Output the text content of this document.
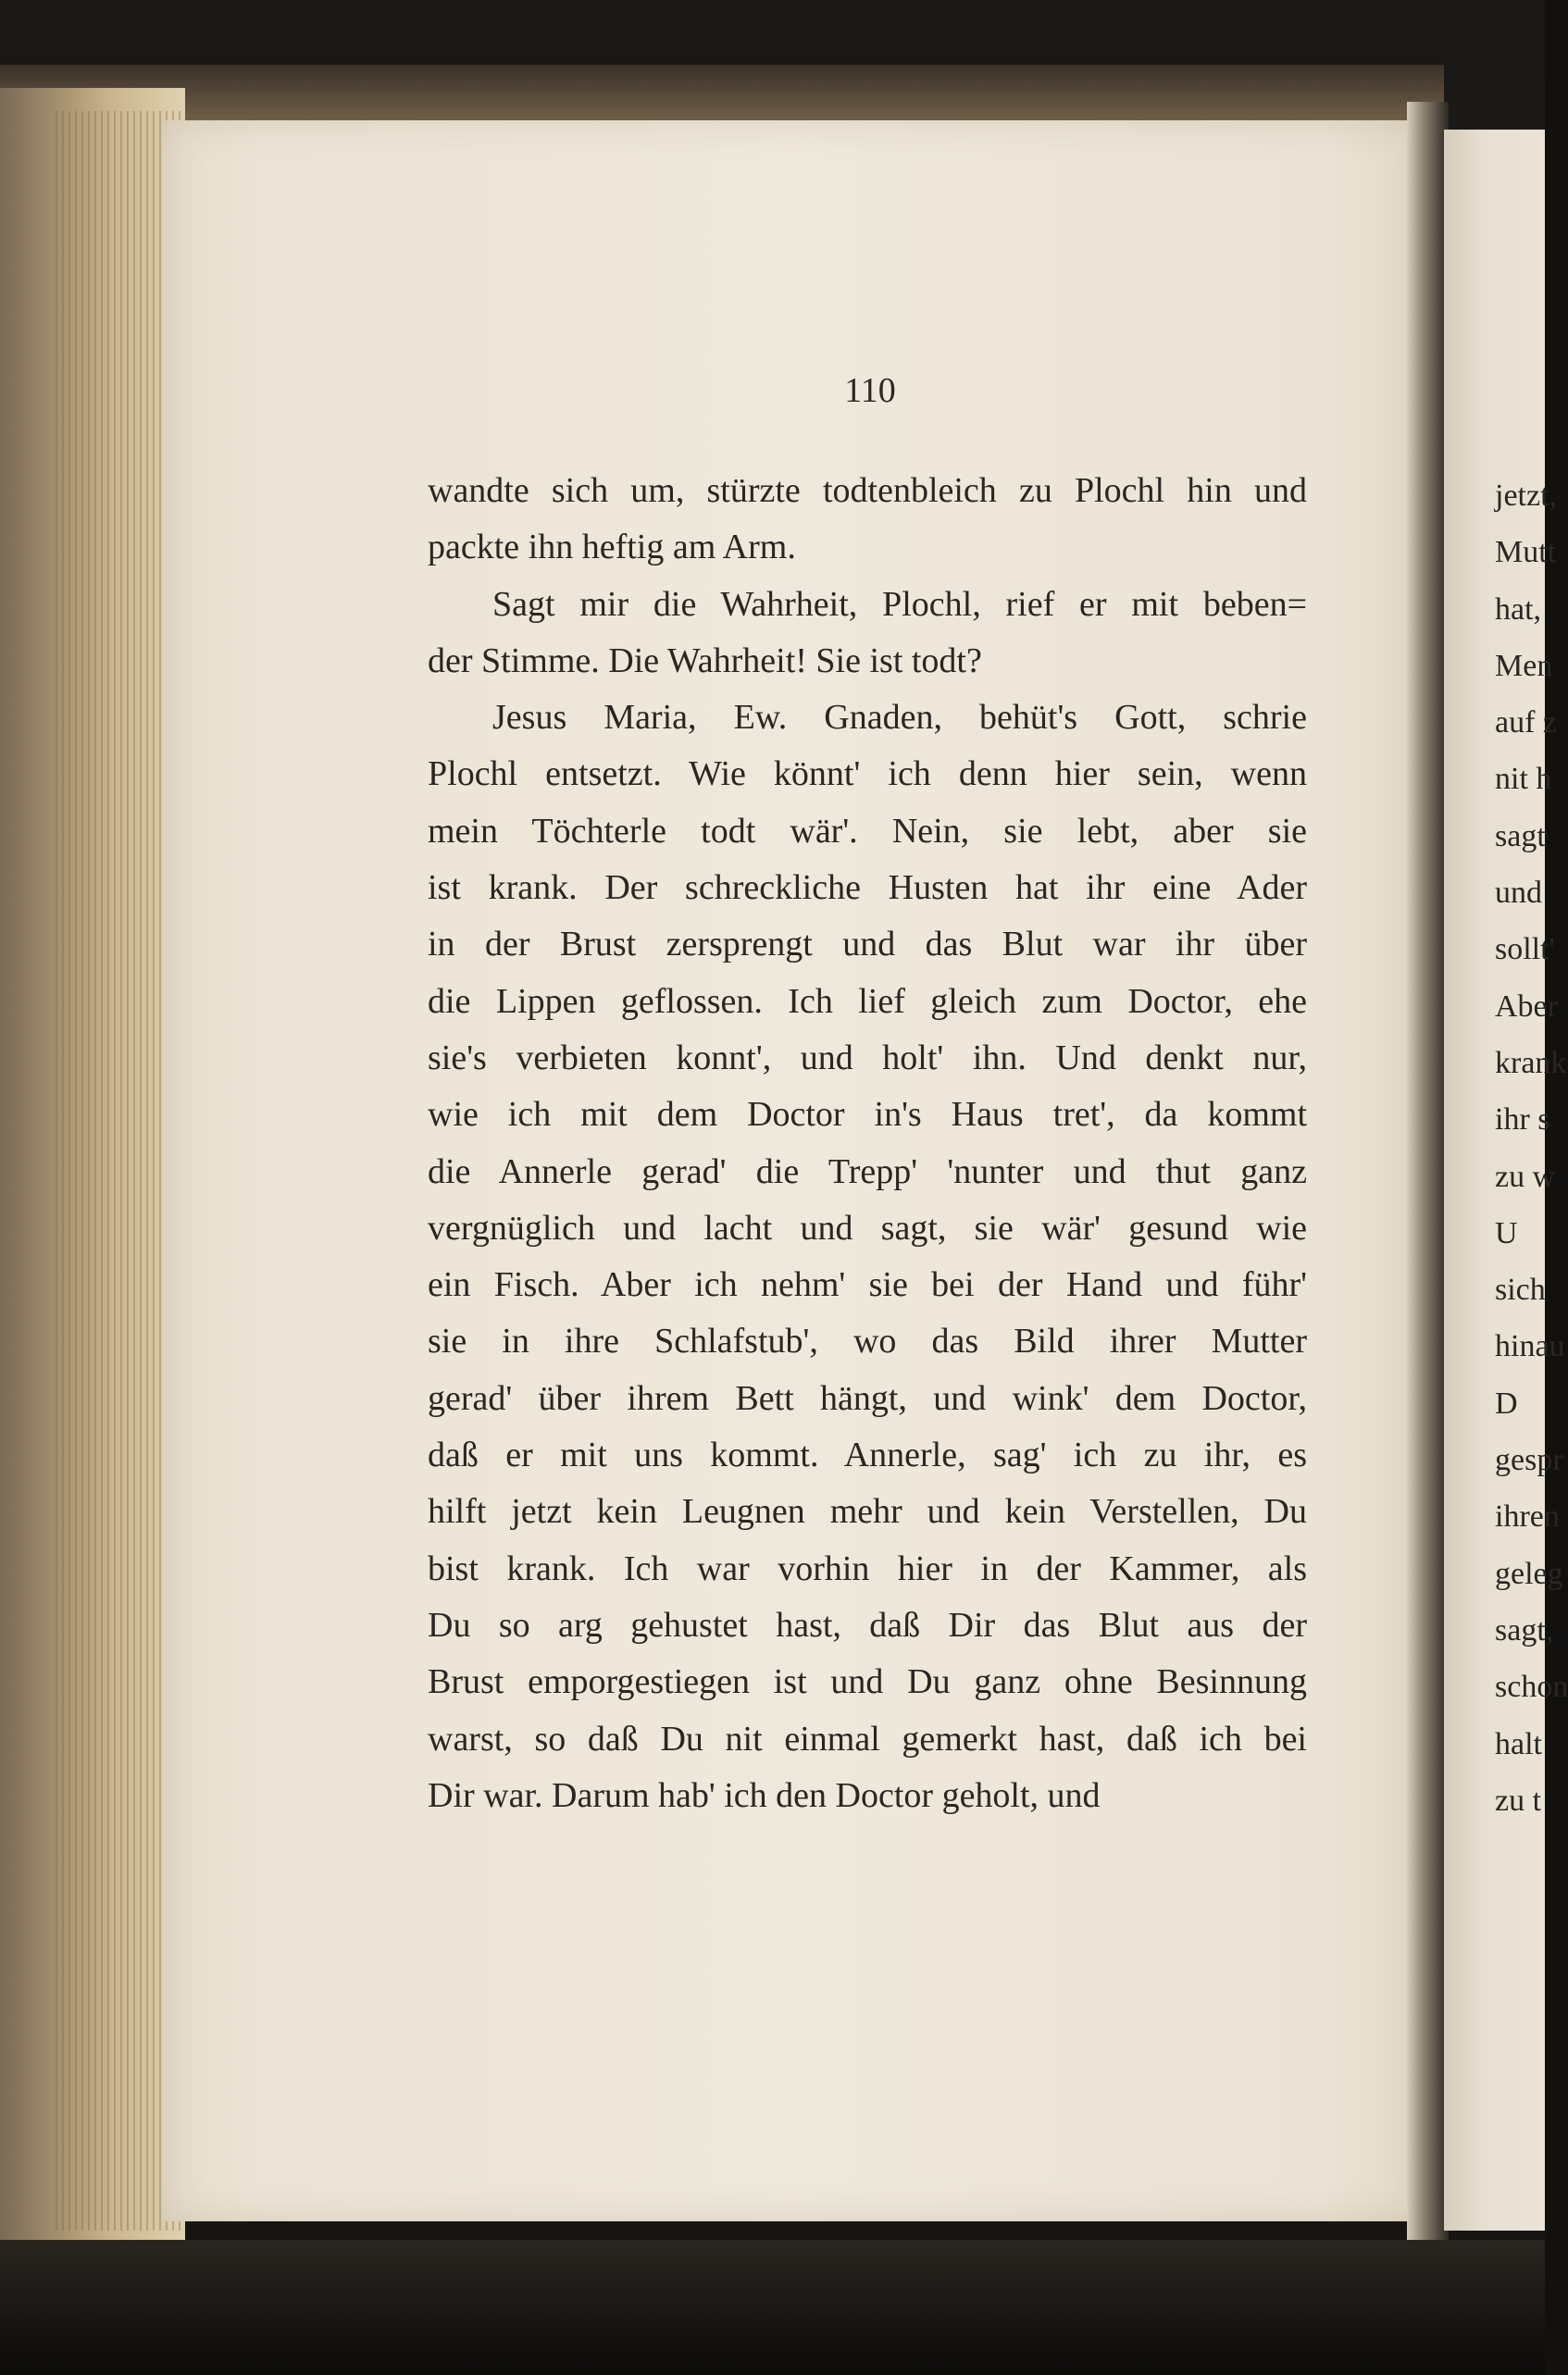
110
wandte sich um, stürzte todtenbleich zu Plochl hin und
packte ihn heftig am Arm.
Sagt mir die Wahrheit, Plochl, rief er mit beben=
der Stimme. Die Wahrheit! Sie ist todt?
Jesus Maria, Ew. Gnaden, behüt's Gott, schrie
Plochl entsetzt. Wie könnt' ich denn hier sein, wenn
mein Töchterle todt wär'. Nein, sie lebt, aber sie
ist krank. Der schreckliche Husten hat ihr eine Ader
in der Brust zersprengt und das Blut war ihr über
die Lippen geflossen. Ich lief gleich zum Doctor, ehe
sie's verbieten konnt', und holt' ihn. Und denkt nur,
wie ich mit dem Doctor in's Haus tret', da kommt
die Annerle gerad' die Trepp' 'nunter und thut ganz
vergnüglich und lacht und sagt, sie wär' gesund wie
ein Fisch. Aber ich nehm' sie bei der Hand und führ'
sie in ihre Schlafstub', wo das Bild ihrer Mutter
gerad' über ihrem Bett hängt, und wink' dem Doctor,
daß er mit uns kommt. Annerle, sag' ich zu ihr, es
hilft jetzt kein Leugnen mehr und kein Verstellen, Du
bist krank. Ich war vorhin hier in der Kammer, als
Du so arg gehustet hast, daß Dir das Blut aus der
Brust emporgestiegen ist und Du ganz ohne Besinnung
warst, so daß Du nit einmal gemerkt hast, daß ich bei
Dir war. Darum hab' ich den Doctor geholt, und
jetzt,
Mutt
hat,
Men
auf z
nit h
sagt
und
sollt'
Aber
krank
ihr s
zu w
U
sich
hinau
D
gespr
ihren
geleg
sagt,
schon
halt
zu t
